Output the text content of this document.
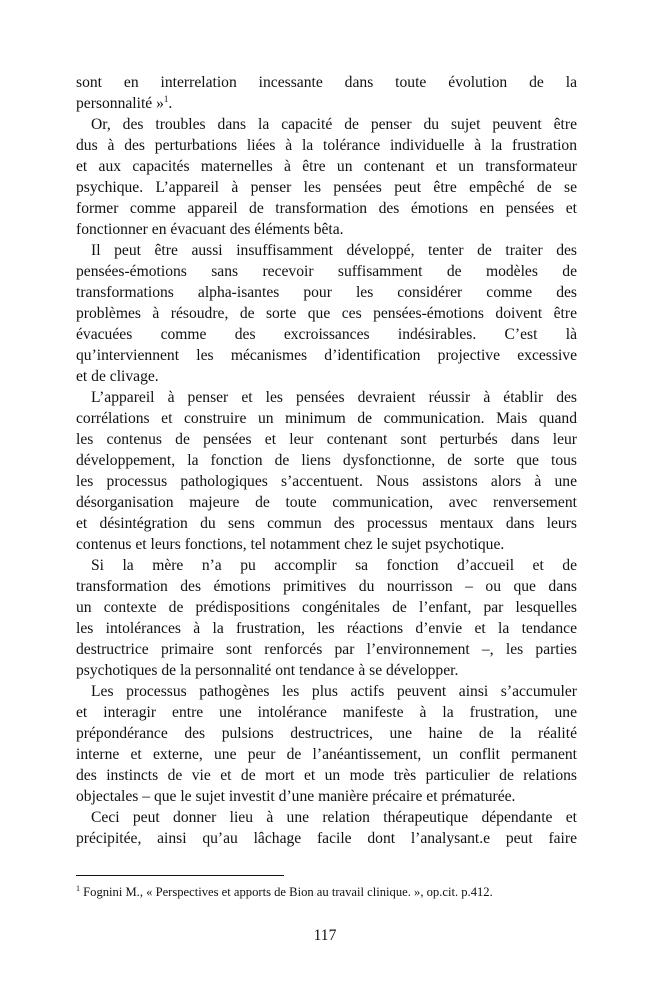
sont en interrelation incessante dans toute évolution de la
personnalité »$^1$.
Or, des troubles dans la capacité de penser du sujet peuvent être
dus à des perturbations liées à la tolérance individuelle à la frustration
et aux capacités maternelles à être un contenant et un transformateur
psychique. L’appareil à penser les pensées peut être empêché de se
former comme appareil de transformation des émotions en pensées et
fonctionner en évacuant des éléments bêta.
Il peut être aussi insuffisamment développé, tenter de traiter des
pensées-émotions sans recevoir suffisamment de modèles de
transformations alpha-isantes pour les considérer comme des
problèmes à résoudre, de sorte que ces pensées-émotions doivent être
évacuées comme des excroissances indésirables. C’est là
qu’interviennent les mécanismes d’identification projective excessive
et de clivage.
L’appareil à penser et les pensées devraient réussir à établir des
corrélations et construire un minimum de communication. Mais quand
les contenus de pensées et leur contenant sont perturbés dans leur
développement, la fonction de liens dysfonctionne, de sorte que tous
les processus pathologiques s’accentuent. Nous assistons alors à une
désorganisation majeure de toute communication, avec renversement
et désintégration du sens commun des processus mentaux dans leurs
contenus et leurs fonctions, tel notamment chez le sujet psychotique.
Si la mère n’a pu accomplir sa fonction d’accueil et de
transformation des émotions primitives du nourrisson – ou que dans
un contexte de prédispositions congénitales de l’enfant, par lesquelles
les intolérances à la frustration, les réactions d’envie et la tendance
destructrice primaire sont renforcés par l’environnement –, les parties
psychotiques de la personnalité ont tendance à se développer.
Les processus pathogènes les plus actifs peuvent ainsi s’accumuler
et interagir entre une intolérance manifeste à la frustration, une
prépondérance des pulsions destructrices, une haine de la réalité
interne et externe, une peur de l’anéantissement, un conflit permanent
des instincts de vie et de mort et un mode très particulier de relations
objectales – que le sujet investit d’une manière précaire et prématurée.
Ceci peut donner lieu à une relation thérapeutique dépendante et
précipitée, ainsi qu’au lâchage facile dont l’analysant.e peut faire
$^1$ Fognini M., « Perspectives et apports de Bion au travail clinique. », op.cit. p.412.
117
